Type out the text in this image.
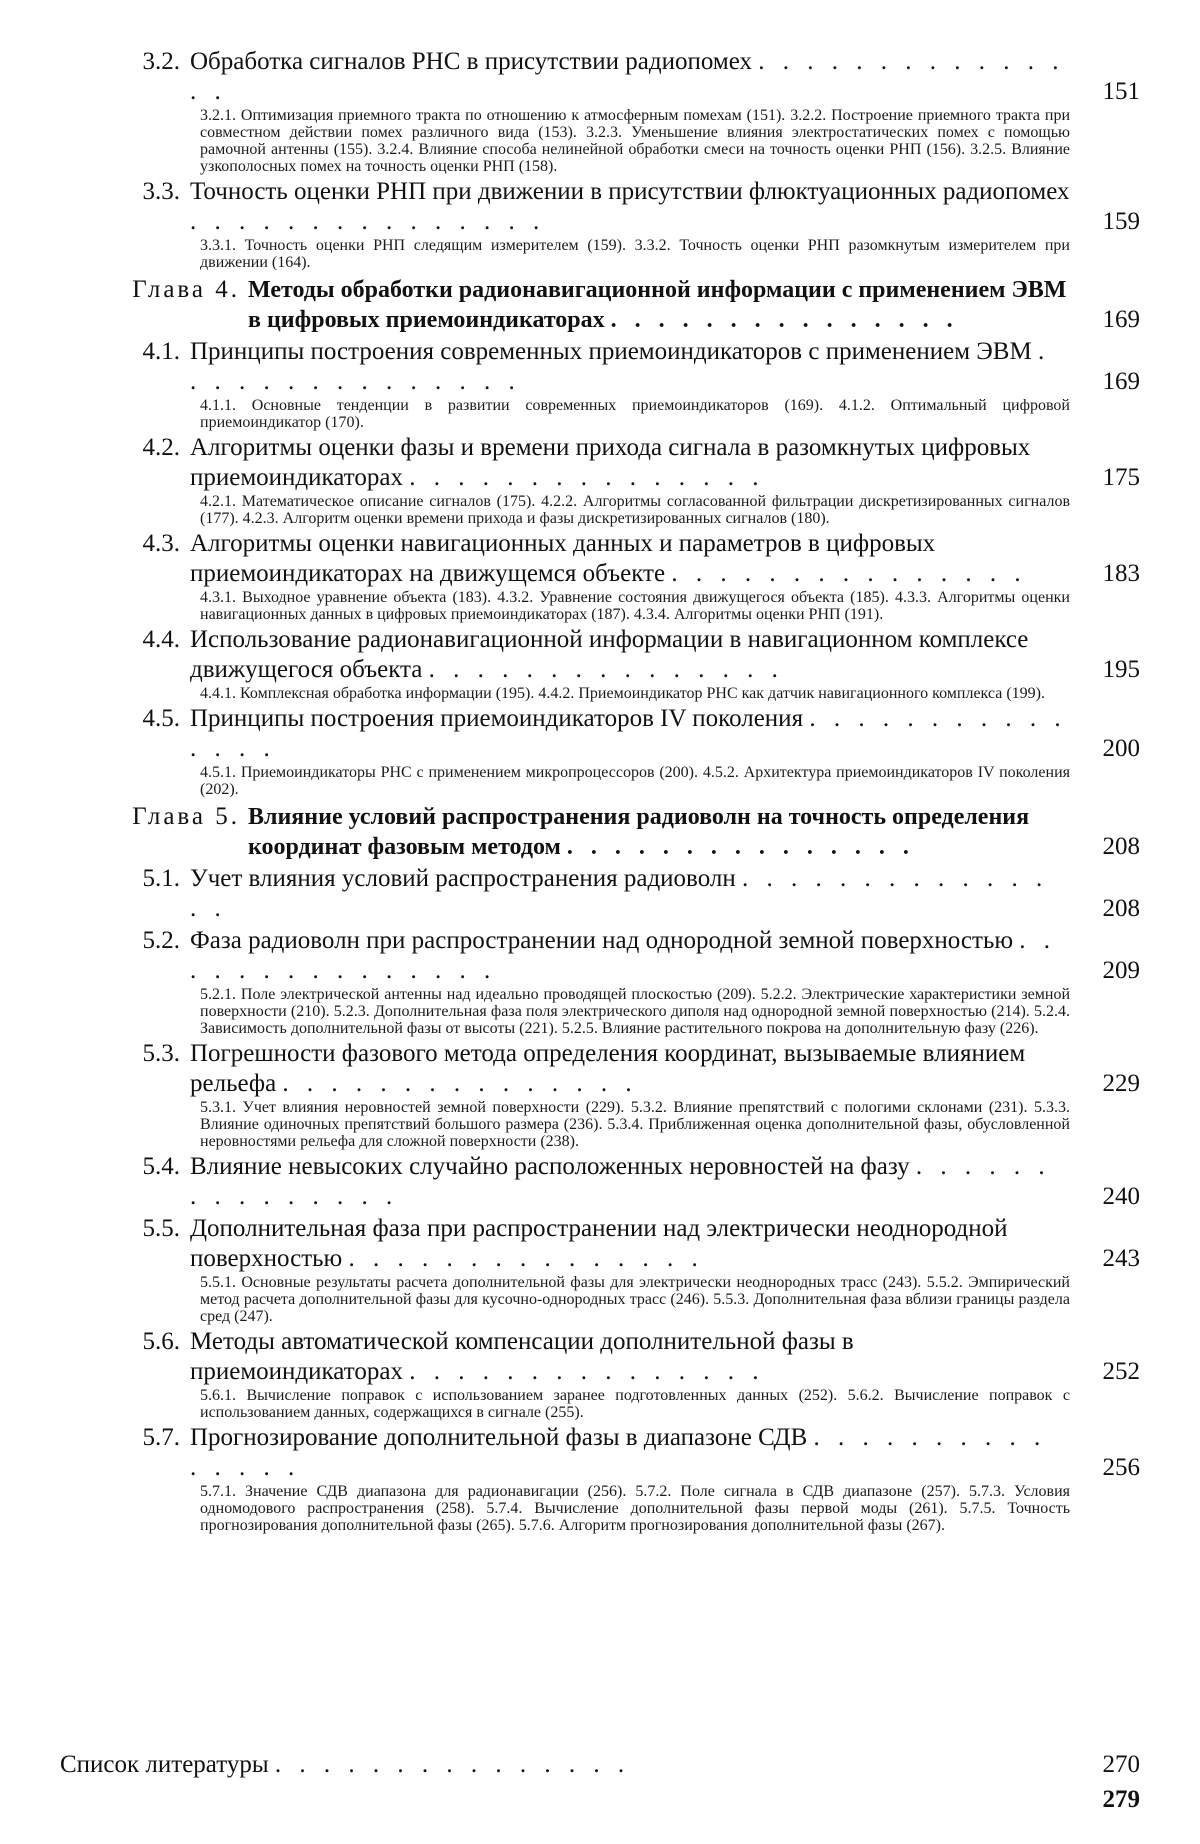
3.2. Обработка сигналов РНС в присутствии радиопомех . . . . . . . . . . . . . . .	151
3.2.1. Оптимизация приемного тракта по отношению к атмосферным помехам (151). 3.2.2. Построение приемного тракта при совместном действии помех различного вида (153). 3.2.3. Уменьшение влияния электростатических помех с помощью рамочной антенны (155). 3.2.4. Влияние способа нелинейной обработки смеси на точность оценки РНП (156). 3.2.5. Влияние узкополосных помех на точность оценки РНП (158).
3.3. Точность оценки РНП при движении в присутствии флюктуационных радиопомех . . . . . . . . . . . . . . .	159
3.3.1. Точность оценки РНП следящим измерителем (159). 3.3.2. Точность оценки РНП разомкнутым измерителем при движении (164).
Глава 4. Методы обработки радионавигационной информации с применением ЭВМ в цифровых приемоиндикаторах . . . . . . . . . . . . . . .	169
4.1. Принципы построения современных приемоиндикаторов с применением ЭВМ . . . . . . . . . . . . . . .	169
4.1.1. Основные тенденции в развитии современных приемоиндикаторов (169). 4.1.2. Оптимальный цифровой приемоиндикатор (170).
4.2. Алгоритмы оценки фазы и времени прихода сигнала в разомкнутых цифровых приемоиндикаторах . . . . . . . . . . . . . . .	175
4.2.1. Математическое описание сигналов (175). 4.2.2. Алгоритмы согласованной фильтрации дискретизированных сигналов (177). 4.2.3. Алгоритм оценки времени прихода и фазы дискретизированных сигналов (180).
4.3. Алгоритмы оценки навигационных данных и параметров в цифровых приемоиндикаторах на движущемся объекте . . . . . . . . . . . . . . .	183
4.3.1. Выходное уравнение объекта (183). 4.3.2. Уравнение состояния движущегося объекта (185). 4.3.3. Алгоритмы оценки навигационных данных в цифровых приемоиндикаторах (187). 4.3.4. Алгоритмы оценки РНП (191).
4.4. Использование радионавигационной информации в навигационном комплексе движущегося объекта . . . . . . . . . . . . . . .	195
4.4.1. Комплексная обработка информации (195). 4.4.2. Приемоиндикатор РНС как датчик навигационного комплекса (199).
4.5. Принципы построения приемоиндикаторов IV поколения . . . . . . . . . . . . . . .	200
4.5.1. Приемоиндикаторы РНС с применением микропроцессоров (200). 4.5.2. Архитектура приемоиндикаторов IV поколения (202).
Глава 5. Влияние условий распространения радиоволн на точность определения координат фазовым методом . . . . . . . . . . . . . . .	208
5.1. Учет влияния условий распространения радиоволн . . . . . . . . . . . . . . .	208
5.2. Фаза радиоволн при распространении над однородной земной поверхностью . . . . . . . . . . . . . . .	209
5.2.1. Поле электрической антенны над идеально проводящей плоскостью (209). 5.2.2. Электрические характеристики земной поверхности (210). 5.2.3. Дополнительная фаза поля электрического диполя над однородной земной поверхностью (214). 5.2.4. Зависимость дополнительной фазы от высоты (221). 5.2.5. Влияние растительного покрова на дополнительную фазу (226).
5.3. Погрешности фазового метода определения координат, вызываемые влиянием рельефа . . . . . . . . . . . . . . .	229
5.3.1. Учет влияния неровностей земной поверхности (229). 5.3.2. Влияние препятствий с пологими склонами (231). 5.3.3. Влияние одиночных препятствий большого размера (236). 5.3.4. Приближенная оценка дополнительной фазы, обусловленной неровностями рельефа для сложной поверхности (238).
5.4. Влияние невысоких случайно расположенных неровностей на фазу . . . . . . . . . . . . . . .	240
5.5. Дополнительная фаза при распространении над электрически неоднородной поверхностью . . . . . . . . . . . . . . .	243
5.5.1. Основные результаты расчета дополнительной фазы для электрически неоднородных трасс (243). 5.5.2. Эмпирический метод расчета дополнительной фазы для кусочно-однородных трасс (246). 5.5.3. Дополнительная фаза вблизи границы раздела сред (247).
5.6. Методы автоматической компенсации дополнительной фазы в приемоиндикаторах . . . . . . . . . . . . . . .	252
5.6.1. Вычисление поправок с использованием заранее подготовленных данных (252). 5.6.2. Вычисление поправок с использованием данных, содержащихся в сигнале (255).
5.7. Прогнозирование дополнительной фазы в диапазоне СДВ . . . . . . . . . . . . . . .	256
5.7.1. Значение СДВ диапазона для радионавигации (256). 5.7.2. Поле сигнала в СДВ диапазоне (257). 5.7.3. Условия одномодового распространения (258). 5.7.4. Вычисление дополнительной фазы первой моды (261). 5.7.5. Точность прогнозирования дополнительной фазы (265). 5.7.6. Алгоритм прогнозирования дополнительной фазы (267).
Список литературы . . . . . . . . . . . . . . .	270
279
